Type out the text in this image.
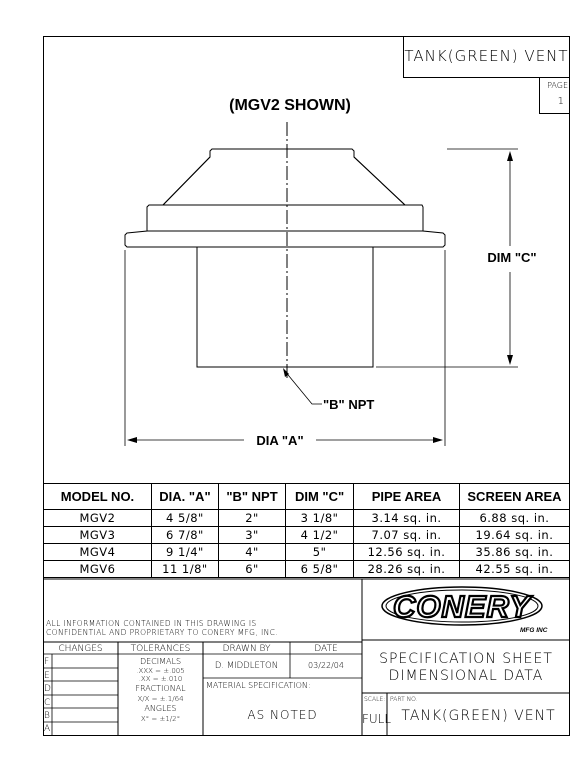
TANK(GREEN) VENT
PAGE
1
(MGV2 SHOWN)
DIM "C"
"B" NPT
DIA "A"
MODEL NO.	DIA. "A"	"B" NPT	DIM "C"	PIPE AREA	SCREEN AREA
MGV2	4 5/8"	2"	3 1/8"	3.14 sq. in.	6.88 sq. in.
MGV3	6 7/8"	3"	4 1/2"	7.07 sq. in.	19.64 sq. in.
MGV4	9 1/4"	4"	5"	12.56 sq. in.	35.86 sq. in.
MGV6	11 1/8"	6"	6 5/8"	28.26 sq. in.	42.55 sq. in.
ALL INFORMATION CONTAINED IN THIS DRAWING IS
CONFIDENTIAL AND PROPRIETARY TO CONERY MFG, INC.
CONERY
MFG INC
CHANGES	TOLERANCES	DRAWN BY	DATE
F
E
D
C
B
A
DECIMALS
.XXX = ±.005
.XX = ±.010
FRACTIONAL
X/X = ±.1/64
ANGLES
X° = ±1/2°
D. MIDDLETON	03/22/04
MATERIAL SPECIFICATION:
AS NOTED
SPECIFICATION SHEET
DIMENSIONAL DATA
SCALE:
FULL
PART NO.
TANK(GREEN) VENT
